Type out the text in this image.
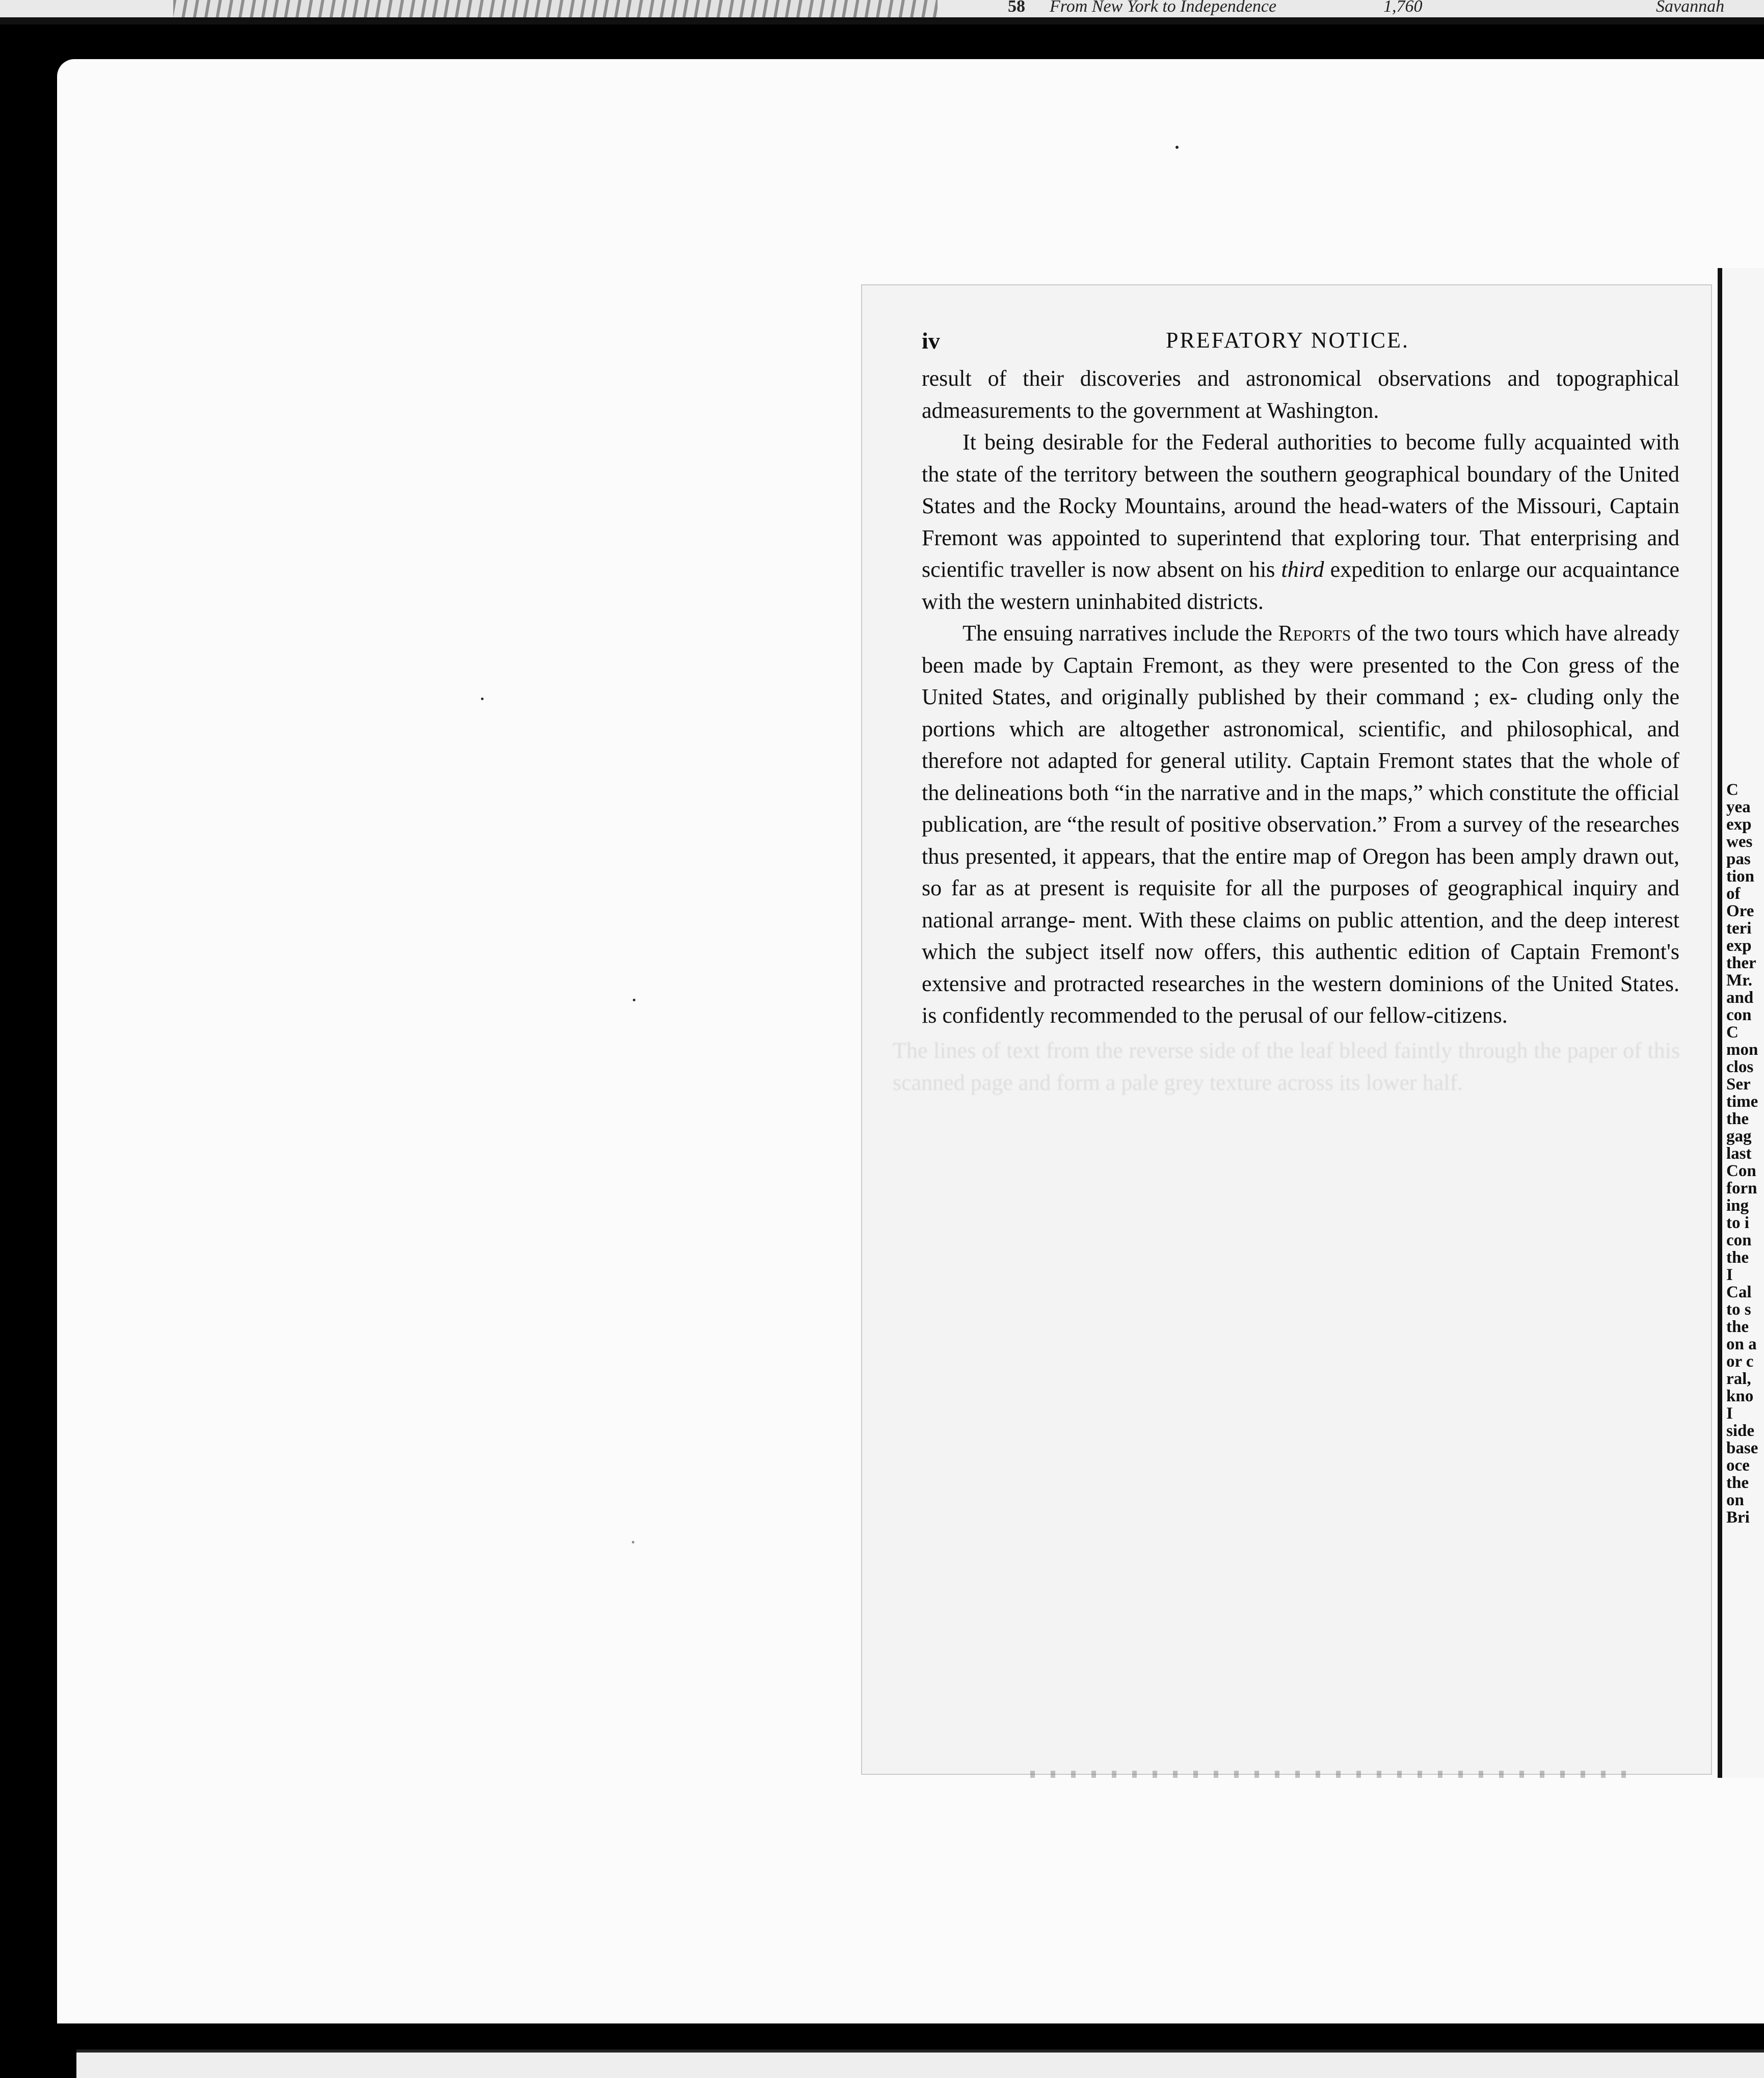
58 From New York to Independence	1,760	Savannah
The lines of text from the reverse side of the leaf bleed faintly through the paper of this scanned page and form a pale grey texture across its lower half.
iv	PREFATORY NOTICE.

result of their discoveries and astronomical observations and topographical admeasurements to the government at Washington.

It being desirable for the Federal authorities to become fully acquainted with the state of the territory between the southern geographical boundary of the United States and the Rocky Mountains, around the head-waters of the Missouri, Captain Fremont was appointed to superintend that exploring tour. That enterprising and scientific traveller is now absent on his third expedition to enlarge our acquaintance with the western uninhabited districts.

The ensuing narratives include the Reports of the two tours which have already been made by Captain Fremont, as they were presented to the Con gress of the United States, and originally published by their command ; ex- cluding only the portions which are altogether astronomical, scientific, and philosophical, and therefore not adapted for general utility. Captain Fremont states that the whole of the delineations both “in the narrative and in the maps,” which constitute the official publication, are “the result of positive observation.” From a survey of the researches thus presented, it appears, that the entire map of Oregon has been amply drawn out, so far as at present is requisite for all the purposes of geographical inquiry and national arrange- ment. With these claims on public attention, and the deep interest which the subject itself now offers, this authentic edition of Captain Fremont's extensive and protracted researches in the western dominions of the United States. is confidently recommended to the perusal of our fellow-citizens.

C
yea
exp
wes
pas
tion
of
Ore
teri
exp
ther
Mr.
and
con
C
mon
clos
Ser
time
the
gag
last
Con
forn
ing
to i
con
the
I
Cal
to s
the
on a
or c
ral,
kno
I
side
base
oce
the
on
Bri
